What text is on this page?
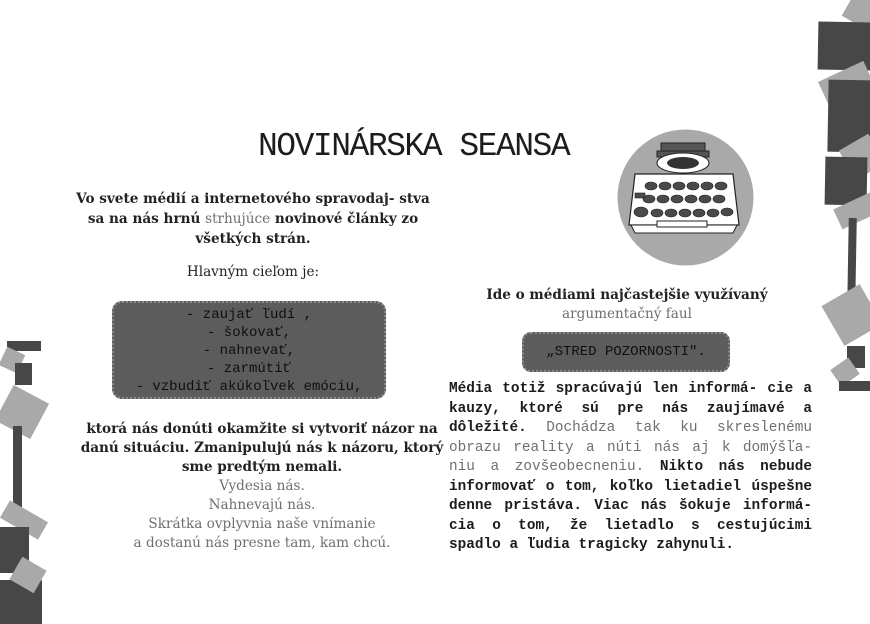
NOVINÁRSKA SEANSA
Vo svete médií a internetového spravodaj- stva sa na nás hrnú strhujúce novinové články zo všetkých strán.
Hlavným cieľom je:
- zaujať ľudí ,
- šokovať,
- nahnevať,
- zarmútiť
- vzbudiť akúkoľvek emóciu,
ktorá nás donúti okamžite si vytvoriť názor na danú situáciu. Zmanipulujú nás k názoru, ktorý sme predtým nemali.
Vydesia nás.
Nahnevajú nás.
Skrátka ovplyvnia naše vnímanie
a dostanú nás presne tam, kam chcú.
Ide o médiami najčastejšie využívaný
argumentačný faul
„STRED POZORNOSTI".
Média totiž spracúvajú len informá- cie a kauzy, ktoré sú pre nás zaujímavé a dôležité. Dochádza tak ku skreslenému obrazu reality a núti nás aj k domýšľa- niu a zovšeobecneniu. Nikto nás nebude informovať o tom, koľko lietadiel úspešne denne pristáva. Viac nás šokuje informá- cia o tom, že lietadlo s cestujúcimi spadlo a ľudia tragicky zahynuli.
